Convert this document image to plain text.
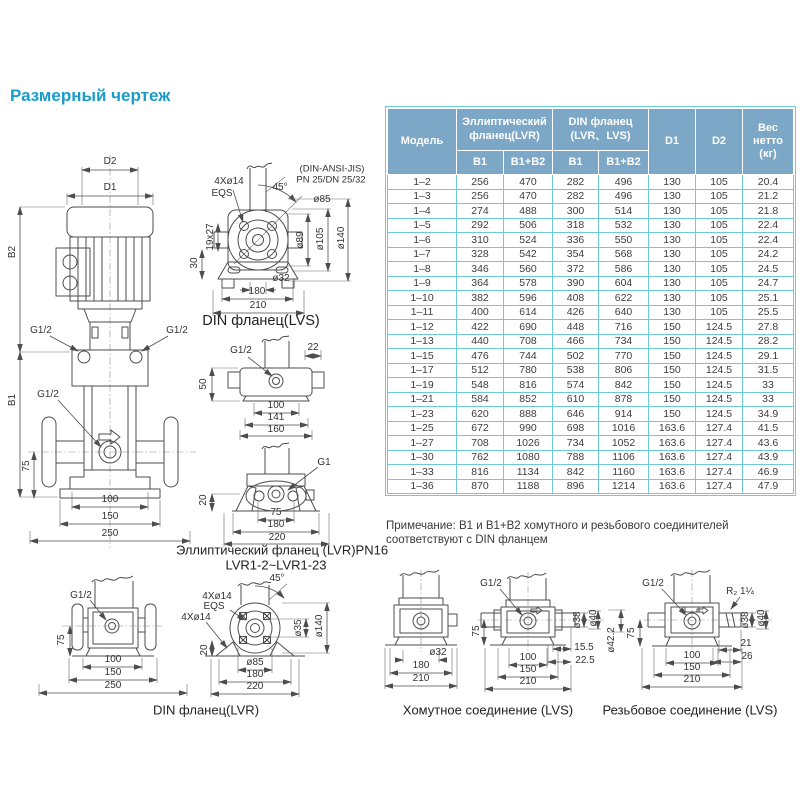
Размерный чертеж
D2
D1
B2
B1
G1/2	G1/2
G1/2
75
100
150
250
(DIN-ANSI-JIS)
PN 25/DN 25/32
4Xø14
EQS
45°
ø85
ø89 ø105 ø140
19x27
30
ø32
180
210
DIN фланец(LVS)
G1/2	22
50
100
141
160
G1
20
75
180
220
Эллиптический фланец (LVR)PN16
LVR1-2~LVR1-23
G1/2
75
100
150
250
45°
4Xø14
EQS
4Xø14
20
ø85
180
220
ø35 ø140
DIN фланец(LVR)
ø32
180
210
G1/2
75
ø38 ø40
ø42.2
15.5
22.5
100
150
210
Хомутное соединение (LVS)
G1/2
R₂ 1¼
75
ø38 ø40
21
26
100
150
210
Резьбовое соединение (LVS)
Модель	Эллиптический фланец(LVR)		DIN фланец (LVR、LVS)		D1	D2	Вес нетто (кг)
	B1	B1+B2	B1	B1+B2			
1–2	256	470	282	496	130	105	20.4
1–3	256	470	282	496	130	105	21.2
1–4	274	488	300	514	130	105	21.8
1–5	292	506	318	532	130	105	22.4
1–6	310	524	336	550	130	105	22.4
1–7	328	542	354	568	130	105	24.2
1–8	346	560	372	586	130	105	24.5
1–9	364	578	390	604	130	105	24.7
1–10	382	596	408	622	130	105	25.1
1–11	400	614	426	640	130	105	25.5
1–12	422	690	448	716	150	124.5	27.8
1–13	440	708	466	734	150	124.5	28.2
1–15	476	744	502	770	150	124.5	29.1
1–17	512	780	538	806	150	124.5	31.5
1–19	548	816	574	842	150	124.5	33
1–21	584	852	610	878	150	124.5	33
1–23	620	888	646	914	150	124.5	34.9
1–25	672	990	698	1016	163.6	127.4	41.5
1–27	708	1026	734	1052	163.6	127.4	43.6
1–30	762	1080	788	1106	163.6	127.4	43.9
1–33	816	1134	842	1160	163.6	127.4	46.9
1–36	870	1188	896	1214	163.6	127.4	47.9
Примечание: B1 и B1+B2 хомутного и резьбового соединителей
соответствуют с DIN фланцем
